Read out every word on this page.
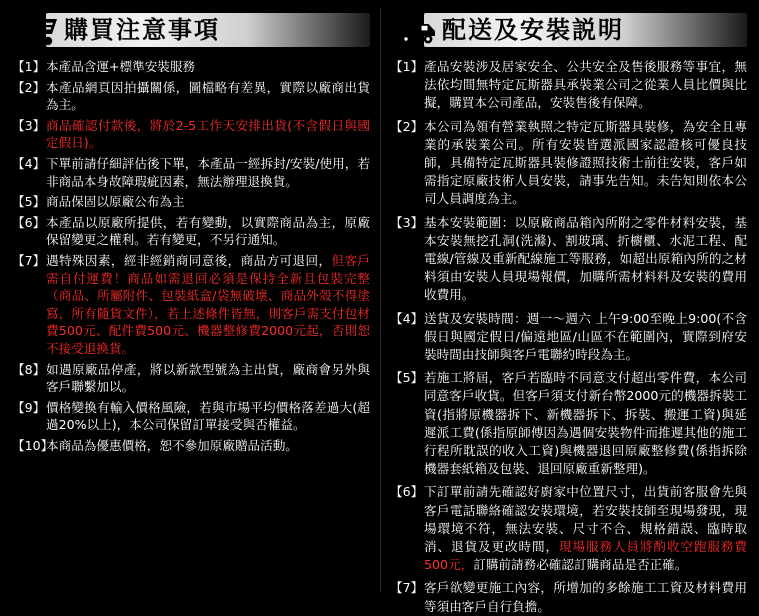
購買注意事項
【1】 本產品含運+標準安裝服務
【2】 本產品網頁因拍攝關係，圖檔略有差異，實際以廠商出貨為主。
【3】 商品確認付款後，將於2-5工作天安排出貨(不含假日與國定假日)。
【4】 下單前請仔細評估後下單，本產品一經拆封/安裝/使用，若非商品本身故障瑕疵因素，無法辦理退換貨。
【5】 商品保固以原廠公布為主
【6】 本產品以原廠所提供，若有變動，以實際商品為主，原廠保留變更之權利。若有變更，不另行通知。
【7】 遇特殊因素，經非經銷商同意後，商品方可退回，但客戶需自付運費！商品如需退回必須是保持全新且包裝完整（商品、所屬附件、包裝紙盒/袋無破壞、商品外殼不得塗寫，所有隨貨文件），若上述條件皆無，則客戶需支付包材費500元、配件費500元、機器整修費2000元起，否則恕不接受退換貨。
【8】 如遇原廠品停產，將以新款型號為主出貨，廠商會另外與客戶聯繫加以。
【9】 價格變換有輸入價格風險，若與市場平均價格落差過大(超過20%以上)，本公司保留訂單接受與否權益。
【10】
本商品為優惠價格，恕不參加原廠贈品活動。
配送及安裝説明
【1】 產品安裝涉及居家安全、公共安全及售後服務等事宜，無法依均間無特定瓦斯器具承裝業公司之從業人員比價與比擬，購買本公司產品，安裝售後有保障。
【2】 本公司為領有營業執照之特定瓦斯器具裝修，為安全且專業的承裝業公司。所有安裝皆選派國家認證核可優良技師，具備特定瓦斯器具裝修證照技術士前往安裝，客戶如需指定原廠技術人員安裝，請事先告知。未告知則依本公司人員調度為主。
【3】 基本安裝範圍：以原廠商品箱內所附之零件材料安裝，基本安裝無挖孔洞(洗滌)、割玻璃、折櫥櫃、水泥工程、配電線/管線及重新配線施工等服務，如超出原箱內所的之材料須由安裝人員現場報價，加購所需材料料及安裝的費用收費用。
【4】 送貨及安裝時間：週一～週六 上午9:00至晚上9:00(不含假日與國定假日/偏遠地區/山區不在範圍內，實際到府安裝時間由技師與客戶電聯約時段為主。
【5】 若施工將屆，客戶若臨時不同意支付超出零件費，本公司同意客戶收貨。但客戶須支付新台幣2000元的機器拆裝工資(指將原機器拆下、新機器拆下、拆裝、搬運工資)與延遲派工費(係指原師傅因為遇個安裝物件而推遲其他的施工行程所耽誤的收入工資)與機器退回原廠整修費(係指拆除機器套紙箱及包裝、退回原廠重新整理)。
【6】 下訂單前請先確認好廚家中位置尺寸，出貨前客服會先與客戶電話聯絡確認安裝環境，若安裝技師至現場發現，現場環境不符，無法安裝、尺寸不合、規格錯誤、臨時取消、退貨及更改時間，現場服務人員將酌收空跑服務費500元，訂購前請務必確認訂購商品是否正確。
【7】 客戶欲變更施工內容，所增加的多餘施工工資及材料費用等須由客戶自行負擔。
